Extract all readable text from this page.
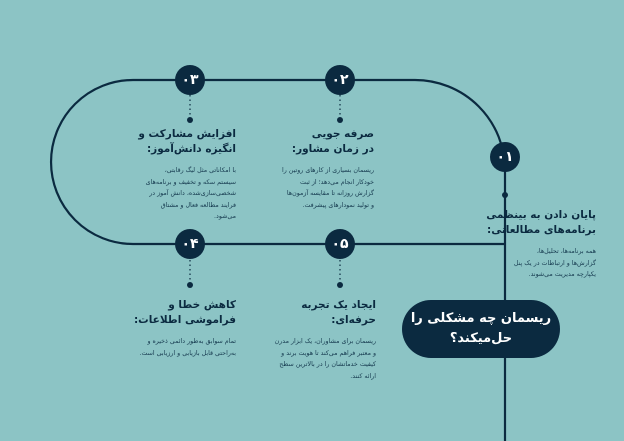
۰۱
۰۲
۰۳
۰۴	۰۵
پایان دادن به بینظمی
برنامه‌های مطالعاتی:
همه برنامه‌ها، تحلیل‌ها،
گزارش‌ها و ارتباطات در یک پنل
یکپارچه مدیریت می‌شوند.
صرفه جویی
در زمان مشاور:
ریسمان بسیاری از کارهای روتین را
خودکار انجام می‌دهد؛ از ثبت
گزارش روزانه تا مقایسه آزمون‌ها
و تولید نمودارهای پیشرفت.
افزایش مشارکت و
انگیزه دانش‌آموز:
با امکاناتی مثل لیگ رقابتی،
سیستم سکه و تخفیف و برنامه‌های
شخصی‌سازی‌شده، دانش آموز در
فرایند مطالعه فعال و مشتاق
می‌شود.
کاهش خطا و
فراموشی اطلاعات:
تمام سوابق به‌طور دائمی ذخیره و
به‌راحتی قابل بازیابی و ارزیابی است.
ایجاد یک تجربه حرفه‌ای:
ریسمان برای مشاوران، یک ابزار مدرن
و معتبر فراهم می‌کند تا هویت برند و
کیفیت خدماتشان را در بالاترین سطح
ارائه کنند.
ریسمان چه مشکلی را
حل‌میکند؟
